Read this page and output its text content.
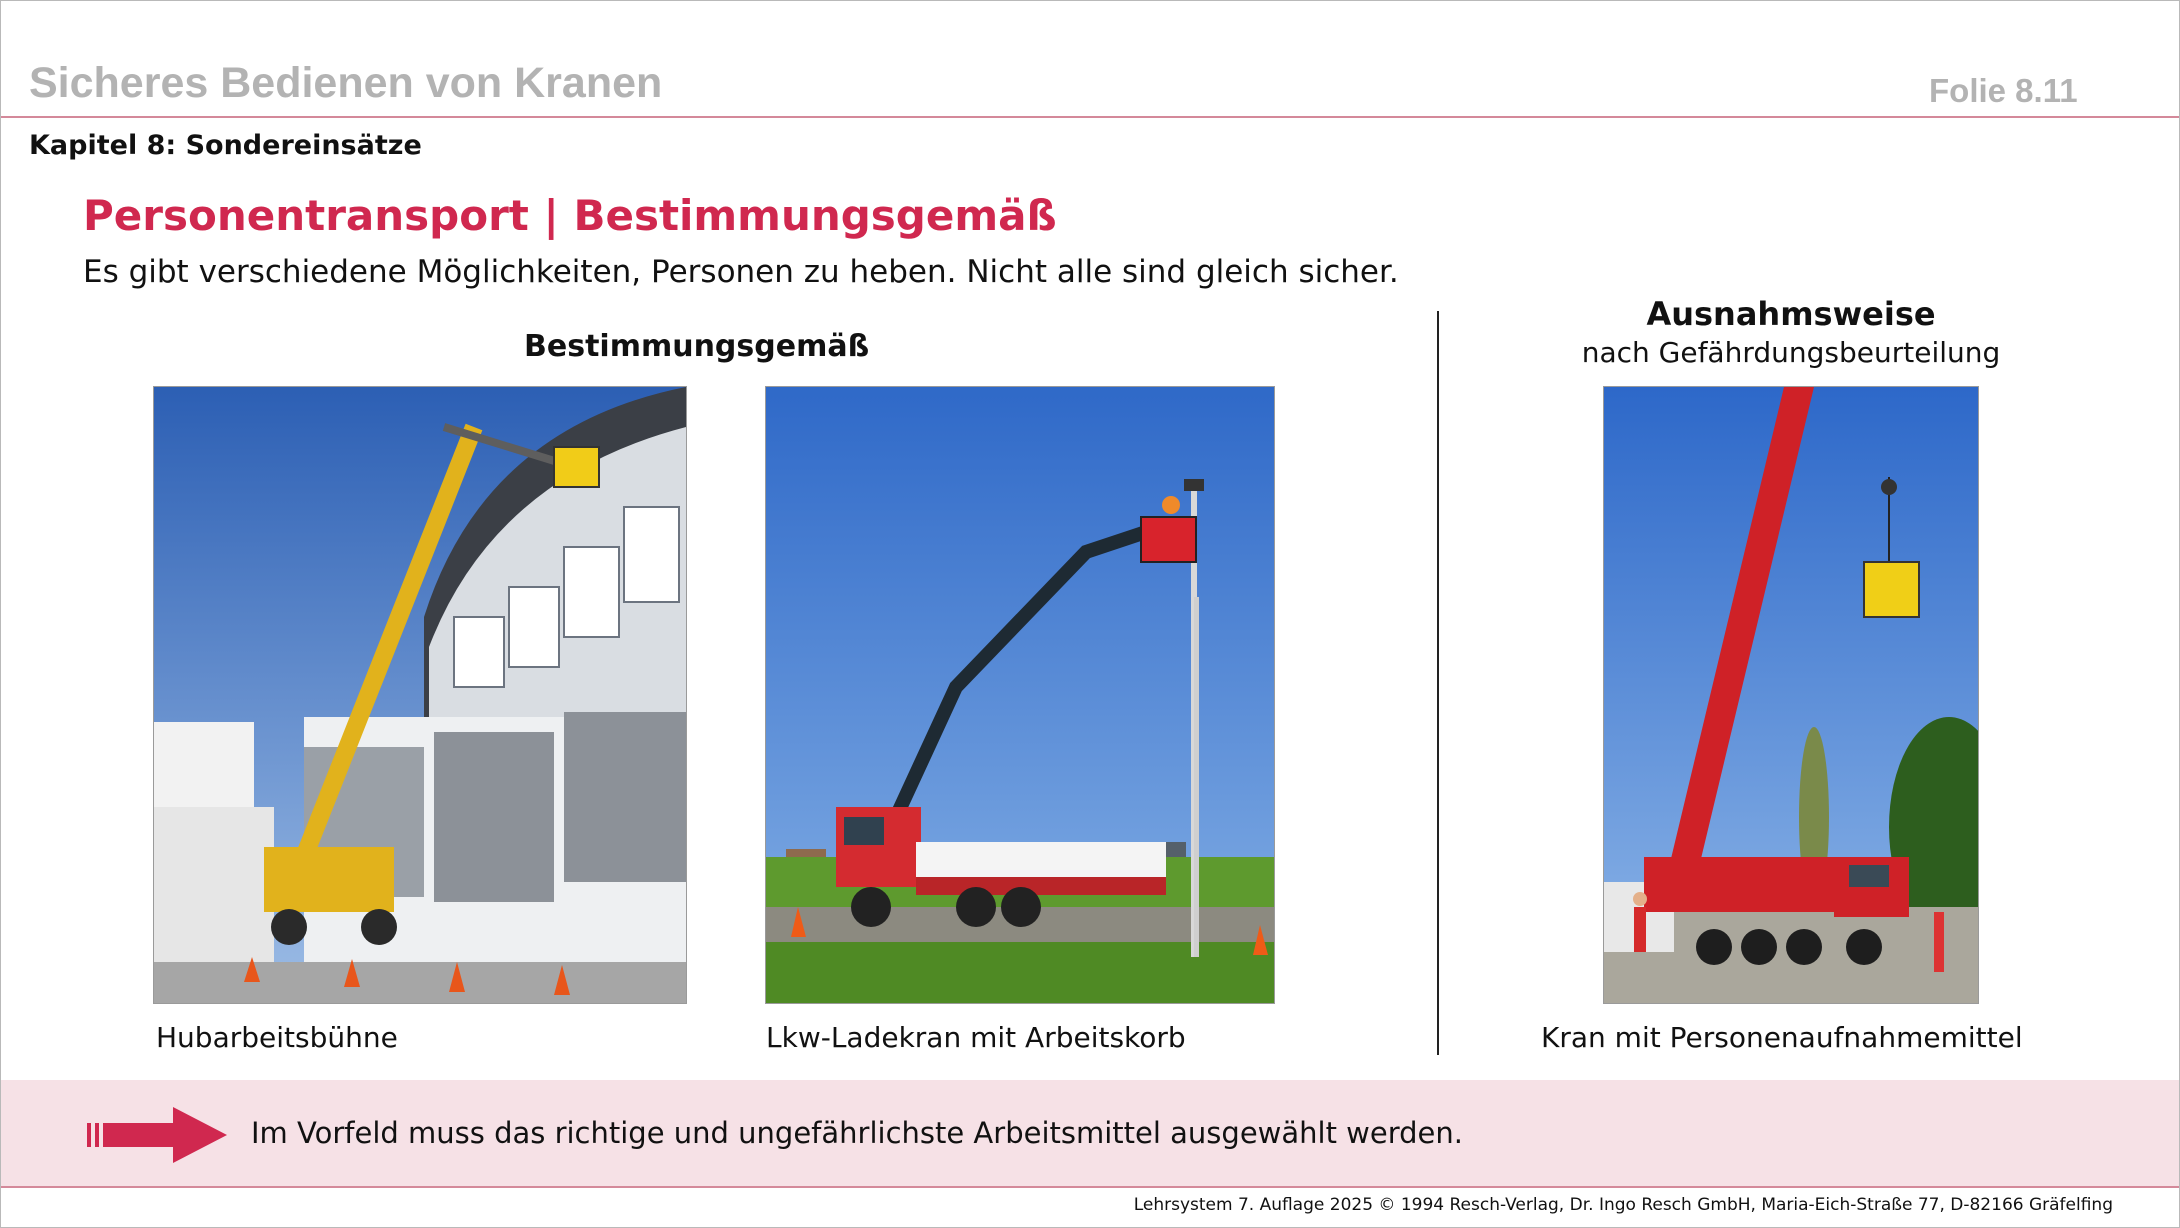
Sicheres Bedienen von Kranen	Folie 8.11
Kapitel 8: Sondereinsätze
Personentransport | Bestimmungsgemäß
Es gibt verschiedene Möglichkeiten, Personen zu heben. Nicht alle sind gleich sicher.
Bestimmungsgemäß
Ausnahmsweise
nach Gefährdungsbeurteilung
Hubarbeitsbühne	Lkw-Ladekran mit Arbeitskorb	Kran mit Personenaufnahmemittel
Im Vorfeld muss das richtige und ungefährlichste Arbeitsmittel ausgewählt werden.
Lehrsystem 7. Auflage 2025 © 1994 Resch-Verlag, Dr. Ingo Resch GmbH, Maria-Eich-Straße 77, D-82166 Gräfelfing
